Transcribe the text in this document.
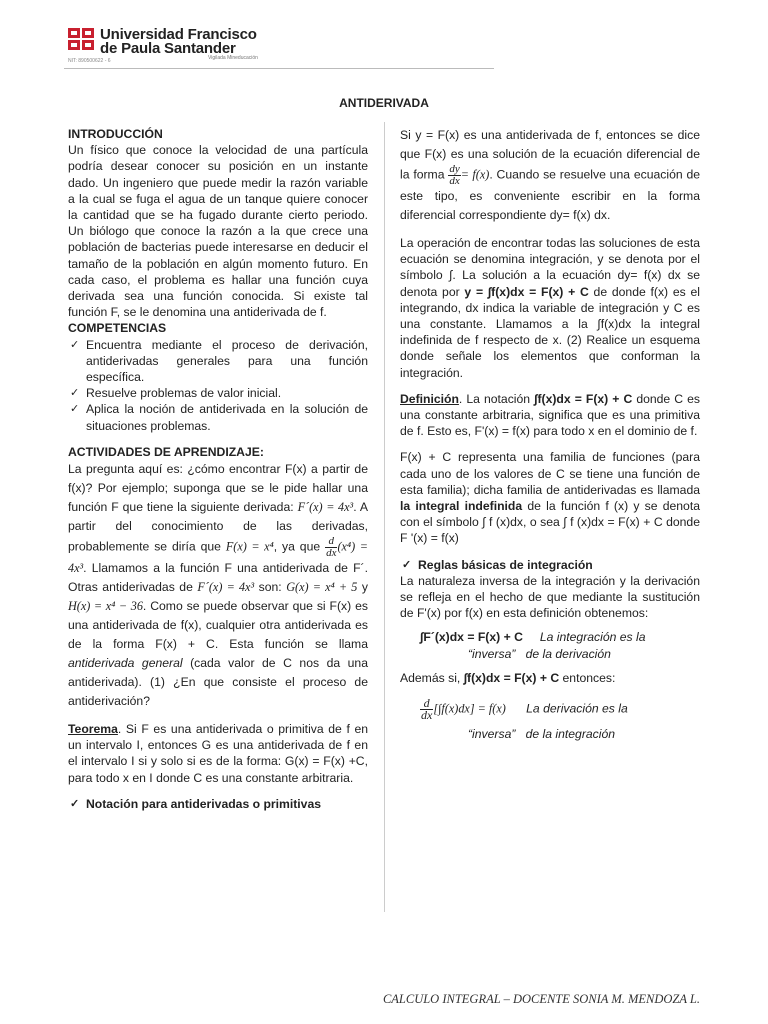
Universidad Francisco
de Paula Santander
Vigilada Mineducación
NIT: 890500622 - 6
ANTIDERIVADA

INTRODUCCIÓN

Un físico que conoce la velocidad de una partícula podría desear conocer su posición en un instante dado. Un ingeniero que puede medir la razón variable a la cual se fuga el agua de un tanque quiere conocer la cantidad que se ha fugado durante cierto periodo. Un biólogo que conoce la razón a la que crece una población de bacterias puede interesarse en deducir el tamaño de la población en algún momento futuro. En cada caso, el problema es hallar una función cuya derivada sea una función conocida. Si existe tal función F, se le denomina una antiderivada de f.

COMPETENCIAS

✓ Encuentra mediante el proceso de derivación, antiderivadas generales para una función específica.

✓ Resuelve problemas de valor inicial.

✓ Aplica la noción de antiderivada en la solución de situaciones problemas.

ACTIVIDADES DE APRENDIZAJE:

La pregunta aquí es: ¿cómo encontrar F(x) a partir de f(x)? Por ejemplo; suponga que se le pide hallar una función F que tiene la siguiente derivada: F´(x) = 4x³. A partir del conocimiento de las derivadas, probablemente se diría que F(x) = x⁴, ya que $\frac{d}{dx} (x^4) = 4x^3$. Llamamos a la función F una antiderivada de F´. Otras antiderivadas de F´(x) = 4x³ son: G(x) = x⁴ + 5 y H(x) = x⁴ − 36. Como se puede observar que si F(x) es una antiderivada de f(x), cualquier otra antiderivada es de la forma F(x) + C. Esta función se llama antiderivada general (cada valor de C nos da una antiderivada). (1) ¿En que consiste el proceso de antiderivación?

Teorema. Si F es una antiderivada o primitiva de f en un intervalo I, entonces G es una antiderivada de f en el intervalo I si y solo si es de la forma: G(x) = F(x) +C, para todo x en I donde C es una constante arbitraria.

✓ Notación para antiderivadas o primitivas

Si y = F(x) es una antiderivada de f, entonces se dice que F(x) es una solución de la ecuación diferencial de la forma $\frac{dy}{dx} = f(x)$. Cuando se resuelve una ecuación de este tipo, es conveniente escribir en la forma diferencial correspondiente dy= f(x) dx.

La operación de encontrar todas las soluciones de esta ecuación se denomina integración, y se denota por el símbolo ∫. La solución a la ecuación dy= f(x) dx se denota por y = ∫f(x)dx = F(x) + C de donde f(x) es el integrando, dx indica la variable de integración y C es una constante. Llamamos a la ∫f(x)dx la integral indefinida de f respecto de x. (2) Realice un esquema donde señale los elementos que conforman la integración.

Definición. La notación ∫f(x)dx = F(x) + C donde C es una constante arbitraria, significa que es una primitiva de f. Esto es, F'(x) = f(x) para todo x en el dominio de f.

F(x) + C representa una familia de funciones (para cada uno de los valores de C se tiene una función de esta familia); dicha familia de antiderivadas es llamada la integral indefinida de la función f (x) y se denota con el símbolo ∫ f (x)dx, o sea ∫ f (x)dx = F(x) + C donde F '(x) = f(x)

✓ Reglas básicas de integración

La naturaleza inversa de la integración y la derivación se refleja en el hecho de que mediante la sustitución de F'(x) por f(x) en esta definición obtenemos:

∫F´(x)dx = F(x) + C La integración es la
“inversa” de la derivación

Además si, ∫f(x)dx = F(x) + C entonces:

$\frac{d}{dx} [\int f(x)dx] = f(x)$ La derivación es la
“inversa” de la integración
CALCULO INTEGRAL – DOCENTE SONIA M. MENDOZA L.
